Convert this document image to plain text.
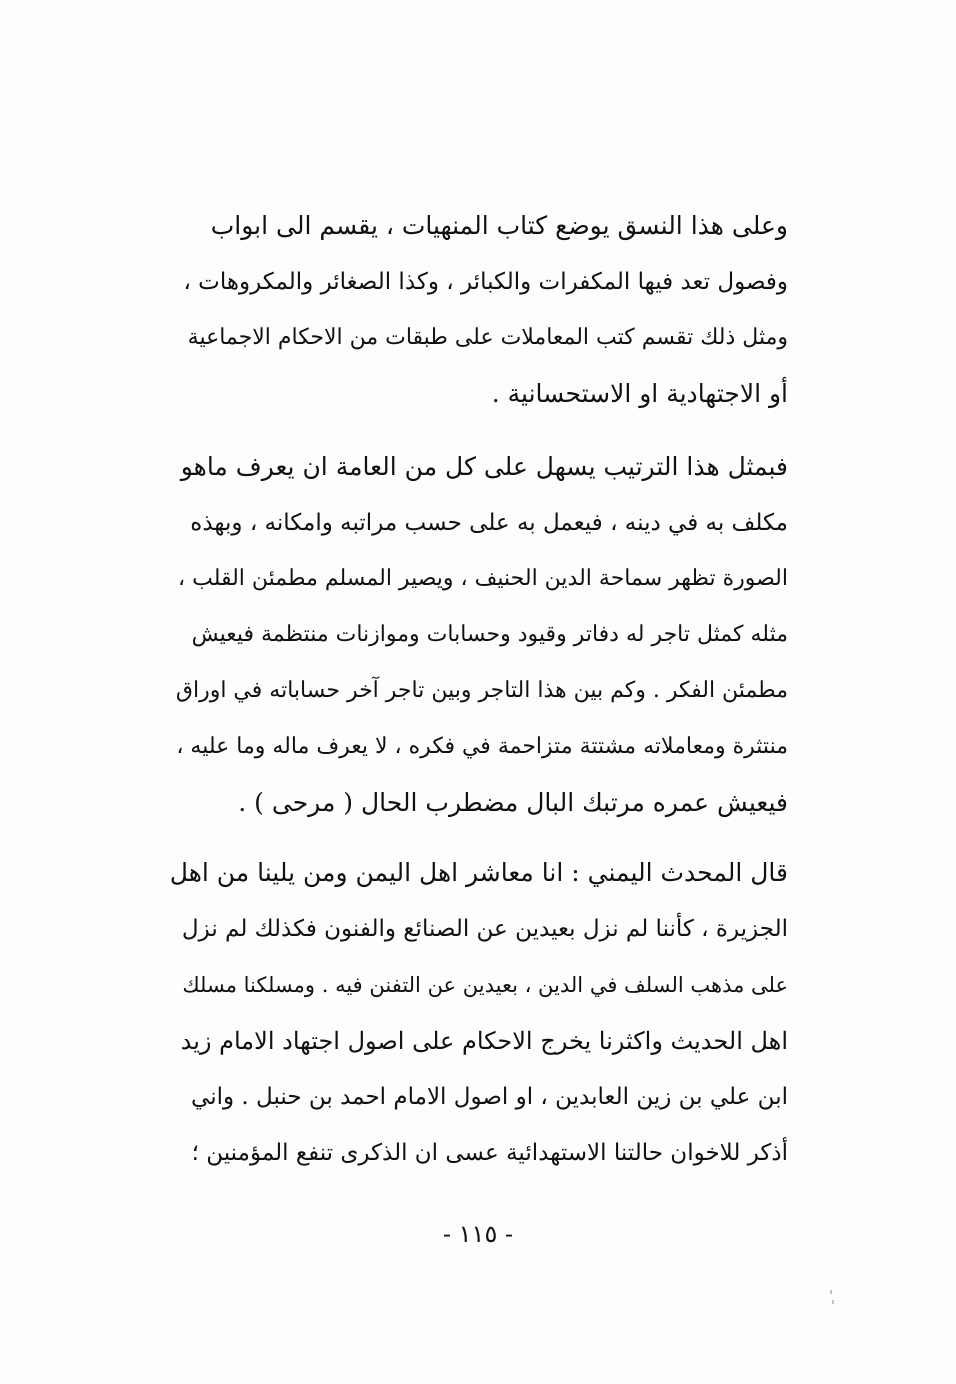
وعلى هذا النسق يوضع كتاب المنهيات ، يقسم الى ابواب
وفصول تعد فيها المكفرات والكبائر ، وكذا الصغائر والمكروهات ،
ومثل ذلك تقسم كتب المعاملات على طبقات من الاحكام الاجماعية
أو الاجتهادية او الاستحسانية .
فبمثل هذا الترتيب يسهل على كل من العامة ان يعرف ماهو
مكلف به في دينه ، فيعمل به على حسب مراتبه وامكانه ، وبهذه
الصورة تظهر سماحة الدين الحنيف ، ويصير المسلم مطمئن القلب ،
مثله كمثل تاجر له دفاتر وقيود وحسابات وموازنات منتظمة فيعيش
مطمئن الفكر . وكم بين هذا التاجر وبين تاجر آخر حساباته في اوراق
منتثرة ومعاملاته مشتتة متزاحمة في فكره ، لا يعرف ماله وما عليه ،
فيعيش عمره مرتبك البال مضطرب الحال ( مرحى ) .
قال المحدث اليمني : انا معاشر اهل اليمن ومن يلينا من اهل
الجزيرة ، كأننا لم نزل بعيدين عن الصنائع والفنون فكذلك لم نزل
على مذهب السلف في الدين ، بعيدين عن التفنن فيه . ومسلكنا مسلك
اهل الحديث واكثرنا يخرج الاحكام على اصول اجتهاد الامام زيد
ابن علي بن زين العابدين ، او اصول الامام احمد بن حنبل . واني
أذكر للاخوان حالتنا الاستهدائية عسى ان الذكرى تنفع المؤمنين ؛
- ١١٥ -
